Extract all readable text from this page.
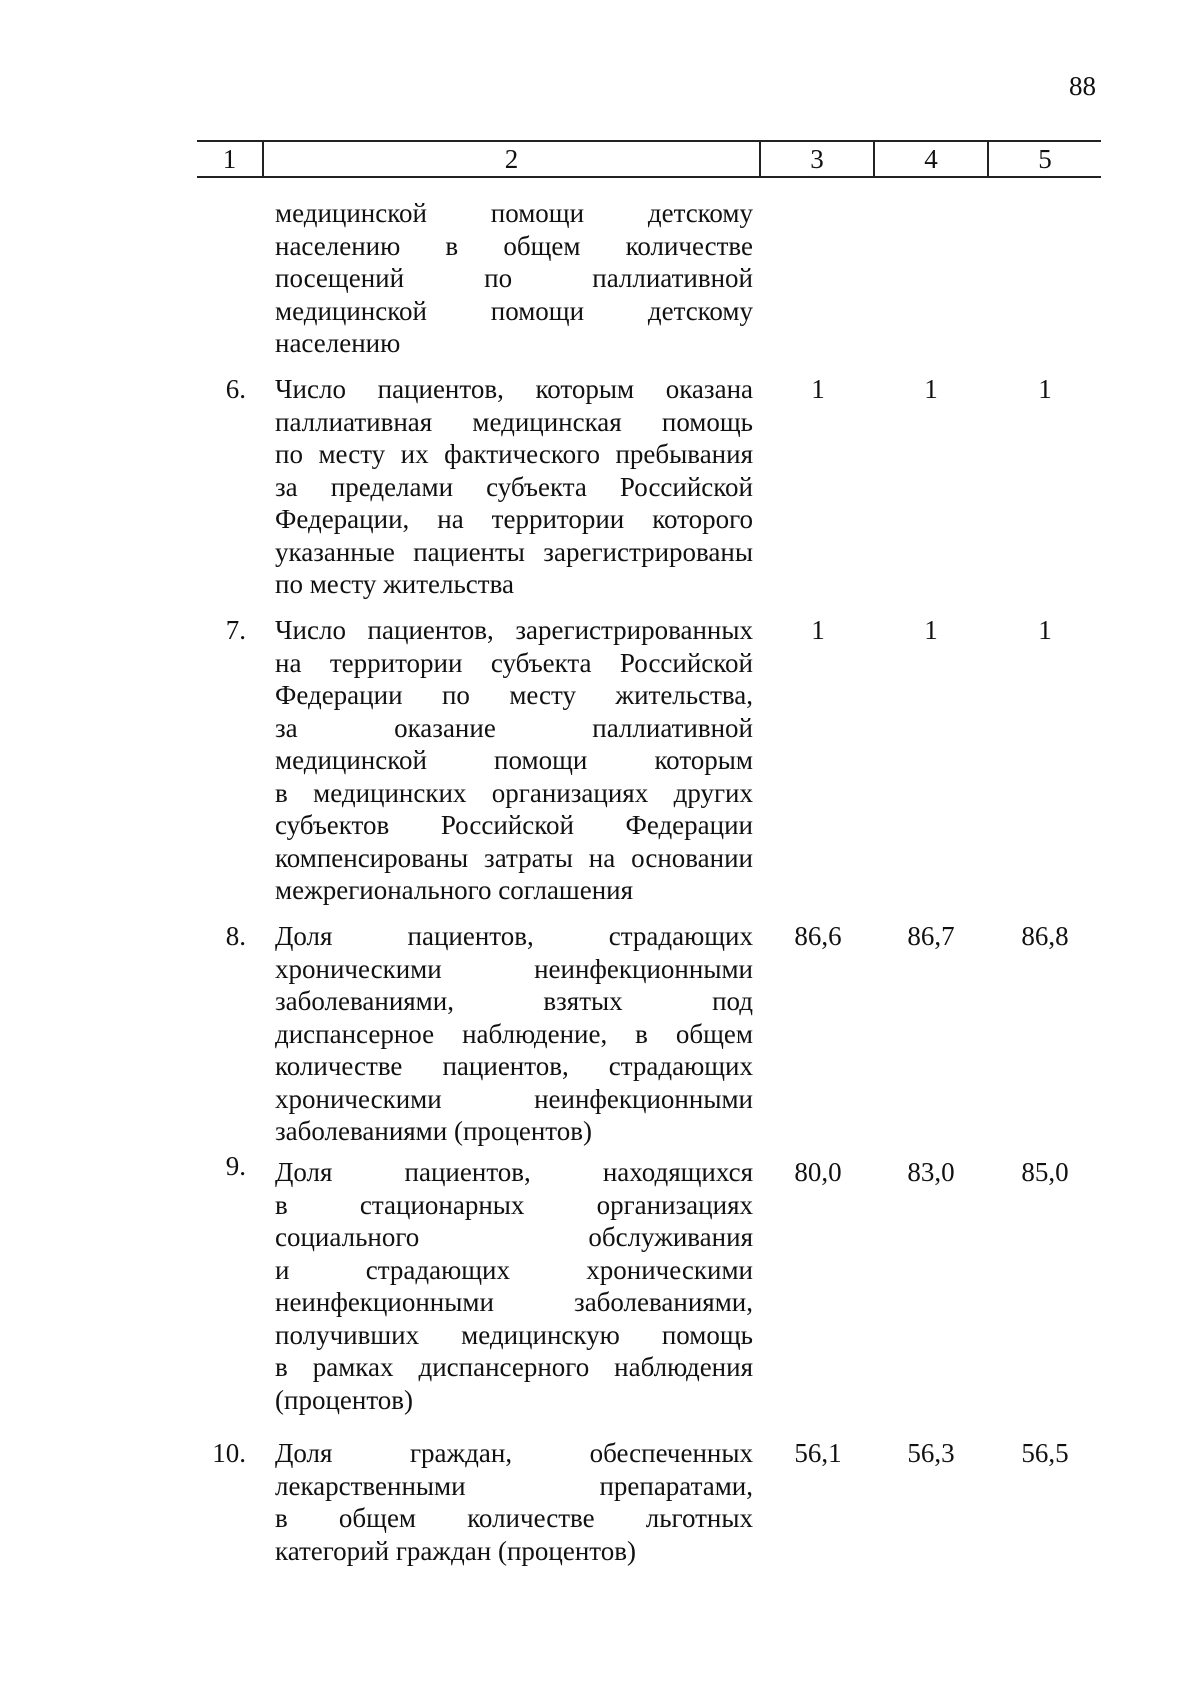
88
1	2	3	4	5
медицинской помощи детскому
населению в общем количестве
посещений по паллиативной
медицинской помощи детскому
населению
6. Число пациентов, которым оказана
паллиативная медицинская помощь
по месту их фактического пребывания
за пределами субъекта Российской
Федерации, на территории которого
указанные пациенты зарегистрированы
по месту жительства
1	1	1
7. Число пациентов, зарегистрированных
на территории субъекта Российской
Федерации по месту жительства,
за оказание паллиативной
медицинской помощи которым
в медицинских организациях других
субъектов Российской Федерации
компенсированы затраты на основании
межрегионального соглашения
1	1	1
8. Доля пациентов, страдающих
хроническими неинфекционными
заболеваниями, взятых под
диспансерное наблюдение, в общем
количестве пациентов, страдающих
хроническими неинфекционными
заболеваниями (процентов)
86,6	86,7	86,8
9. Доля пациентов, находящихся
в стационарных организациях
социального обслуживания
и страдающих хроническими
неинфекционными заболеваниями,
получивших медицинскую помощь
в рамках диспансерного наблюдения
(процентов)
80,0	83,0	85,0
10. Доля граждан, обеспеченных
лекарственными препаратами,
в общем количестве льготных
категорий граждан (процентов)
56,1	56,3	56,5
